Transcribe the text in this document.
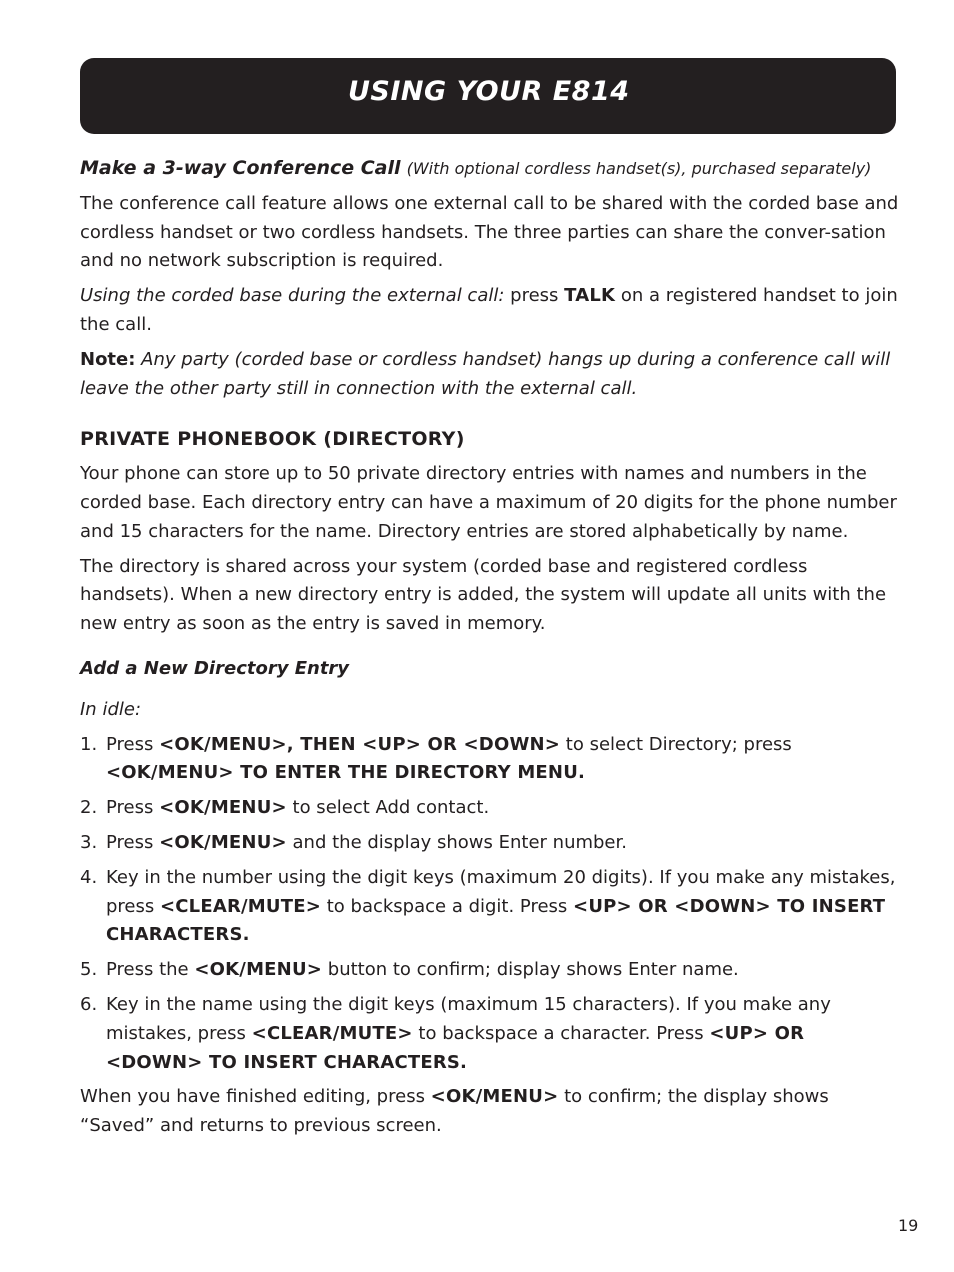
USING YOUR E814

Make a 3-way Conference Call (With optional cordless handset(s), purchased separately)

The conference call feature allows one external call to be shared with the corded base and cordless handset or two cordless handsets. The three parties can share the conver-sation and no network subscription is required.

Using the corded base during the external call: press TALK on a registered handset to join the call.

Note: Any party (corded base or cordless handset) hangs up during a conference call will leave the other party still in connection with the external call.

PRIVATE PHONEBOOK (DIRECTORY)

Your phone can store up to 50 private directory entries with names and numbers in the corded base. Each directory entry can have a maximum of 20 digits for the phone number and 15 characters for the name. Directory entries are stored alphabetically by name.

The directory is shared across your system (corded base and registered cordless handsets). When a new directory entry is added, the system will update all units with the new entry as soon as the entry is saved in memory.

Add a New Directory Entry

In idle:

1. Press <OK/MENU>, THEN <UP> OR <DOWN> to select Directory; press <OK/MENU> TO ENTER THE DIRECTORY MENU.
2. Press <OK/MENU> to select Add contact.
3. Press <OK/MENU> and the display shows Enter number.
4. Key in the number using the digit keys (maximum 20 digits). If you make any mistakes, press <CLEAR/MUTE> to backspace a digit. Press <UP> OR <DOWN> TO INSERT CHARACTERS.
5. Press the <OK/MENU> button to confirm; display shows Enter name.
6. Key in the name using the digit keys (maximum 15 characters). If you make any mistakes, press <CLEAR/MUTE> to backspace a character. Press <UP> OR <DOWN> TO INSERT CHARACTERS.

When you have finished editing, press <OK/MENU> to confirm; the display shows “Saved” and returns to previous screen.

19
